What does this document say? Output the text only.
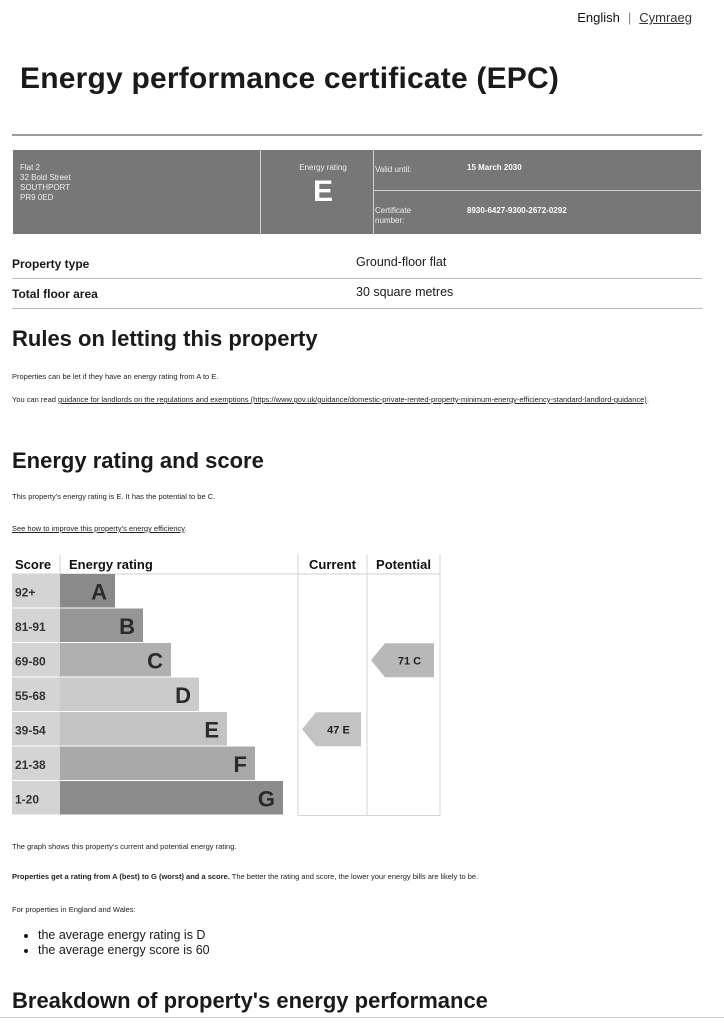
English | Cymraeg
Energy performance certificate (EPC)
Flat 2
32 Bold Street
SOUTHPORT
PR9 0ED
Energy rating
E
Valid until:	15 March 2030
Certificate
number:
8930-6427-9300-2672-0292
Property type	Ground-floor flat
Total floor area	30 square metres
Rules on letting this property
Properties can be let if they have an energy rating from A to E.
You can read guidance for landlords on the regulations and exemptions (https://www.gov.uk/guidance/domestic-private-rented-property-minimum-energy-efficiency-standard-landlord-guidance).
Energy rating and score
This property's energy rating is E. It has the potential to be C.
See how to improve this property's energy efficiency.
Score Energy rating	Current Potential
92+	A
81-91	B
69-80	C
55-68	D
39-54	E
21-38	F
1-20	G
47 E
71 C
The graph shows this property's current and potential energy rating.
Properties get a rating from A (best) to G (worst) and a score. The better the rating and score, the lower your energy bills are likely to be.
For properties in England and Wales:
• the average energy rating is D
• the average energy score is 60
Breakdown of property's energy performance
